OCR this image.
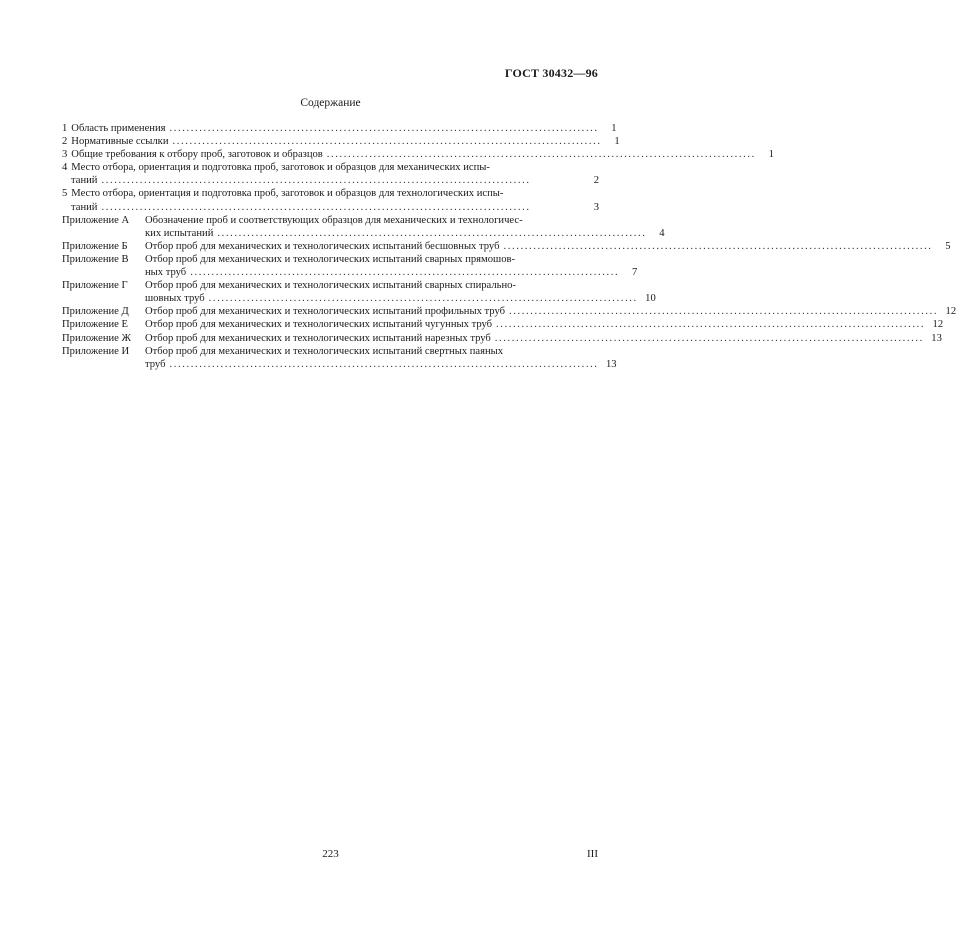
ГОСТ 30432—96
Содержание
1 Область применения .....................................................................................................	1
2 Нормативные ссылки .....................................................................................................	1
3 Общие требования к отбору проб, заготовок и образцов .....................................................................................................	1
4 Место отбора, ориентация и подготовка проб, заготовок и образцов для механических испы-
таний .....................................................................................................	2
5 Место отбора, ориентация и подготовка проб, заготовок и образцов для технологических испы-
таний .....................................................................................................	3
Приложение А	Обозначение проб и соответствующих образцов для механических и технологичес-
ких испытаний .....................................................................................................	4
Приложение Б	Отбор проб для механических и технологических испытаний бесшовных труб .....................................................................................................	5
Приложение В	Отбор проб для механических и технологических испытаний сварных прямошов-
ных труб .....................................................................................................	7
Приложение Г	Отбор проб для механических и технологических испытаний сварных спирально-
шовных труб ..................................................................................................... 10
Приложение Д	Отбор проб для механических и технологических испытаний профильных труб ..................................................................................................... 12
Приложение Е	Отбор проб для механических и технологических испытаний чугунных труб ..................................................................................................... 12
Приложение Ж	Отбор проб для механических и технологических испытаний нарезных труб ..................................................................................................... 13
Приложение И	Отбор проб для механических и технологических испытаний свертных паяных
труб ..................................................................................................... 13
223	III
